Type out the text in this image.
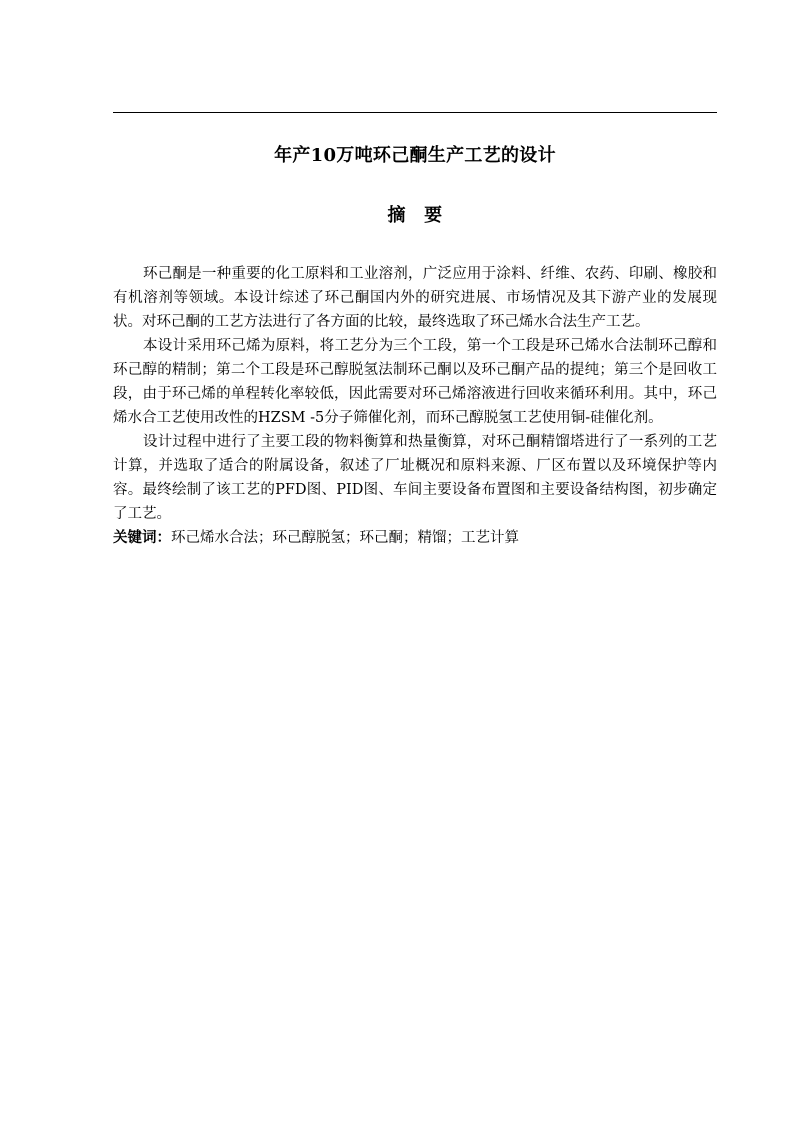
年产10万吨环己酮生产工艺的设计
摘　要

环己酮是一种重要的化工原料和工业溶剂，广泛应用于涂料、纤维、农药、印刷、橡胶和有机溶剂等领域。本设计综述了环己酮国内外的研究进展、市场情况及其下游产业的发展现状。对环己酮的工艺方法进行了各方面的比较，最终选取了环己烯水合法生产工艺。

本设计采用环己烯为原料，将工艺分为三个工段，第一个工段是环己烯水合法制环己醇和环己醇的精制；第二个工段是环己醇脱氢法制环己酮以及环己酮产品的提纯；第三个是回收工段，由于环己烯的单程转化率较低，因此需要对环己烯溶液进行回收来循环利用。其中，环己烯水合工艺使用改性的HZSM -5分子筛催化剂，而环己醇脱氢工艺使用铜-硅催化剂。

设计过程中进行了主要工段的物料衡算和热量衡算，对环己酮精馏塔进行了一系列的工艺计算，并选取了适合的附属设备，叙述了厂址概况和原料来源、厂区布置以及环境保护等内容。最终绘制了该工艺的PFD图、PID图、车间主要设备布置图和主要设备结构图，初步确定了工艺。

关键词：环己烯水合法；环己醇脱氢；环己酮；精馏；工艺计算
